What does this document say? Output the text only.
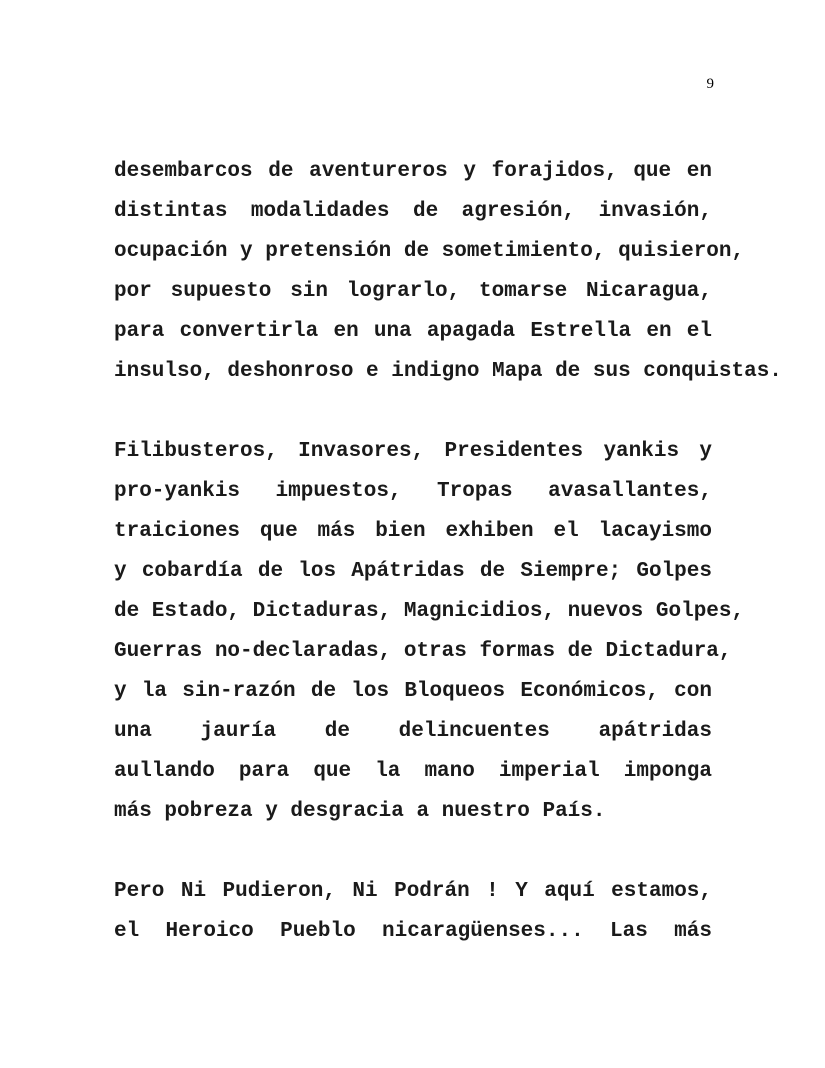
9
desembarcos de aventureros y forajidos, que en
distintas modalidades de agresión, invasión,
ocupación y pretensión de sometimiento, quisieron,
por supuesto sin lograrlo, tomarse Nicaragua,
para convertirla en una apagada Estrella en el
insulso, deshonroso e indigno Mapa de sus conquistas.
Filibusteros, Invasores, Presidentes yankis y
pro-yankis impuestos, Tropas avasallantes,
traiciones que más bien exhiben el lacayismo
y cobardía de los Apátridas de Siempre; Golpes
de Estado, Dictaduras, Magnicidios, nuevos Golpes,
Guerras no-declaradas, otras formas de Dictadura,
y la sin-razón de los Bloqueos Económicos, con
una jauría de delincuentes apátridas
aullando para que la mano imperial imponga
más pobreza y desgracia a nuestro País.
Pero Ni Pudieron, Ni Podrán ! Y aquí estamos,
el Heroico Pueblo nicaragüenses... Las más
